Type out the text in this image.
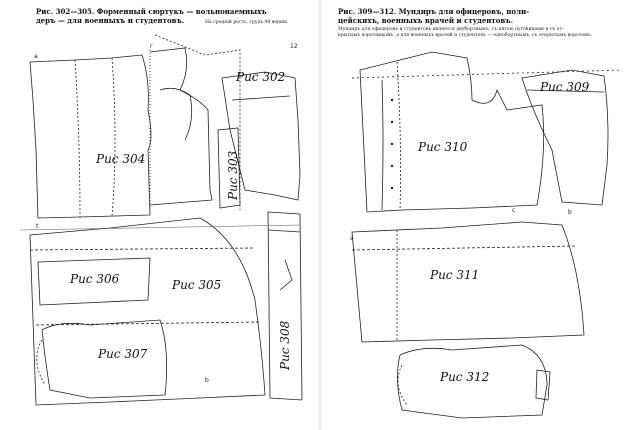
Рис. 302—305. Форменный сюртукъ — вольнонаемныхъ
деръ — для военныхъ и студентовъ.	На средній рость, грудь 48 вершк.
a
r	12
t
b
Рис 302
Рис 304	Рис 303
Рис 305
Рис 306
Рис 307	Рис 308
Рис. 309—312. Мундиръ для офицеровъ, поли-
цейскихъ, военныхъ врачей и студентовъ.
Мундиръ для офицеровъ и студентовъ является двубортнымъ, съ пятью пуговицами и съ от-
крытымъ воротникомъ, а для военныхъ врачей и студентовъ — однобортнымъ, съ открытымъ воротомъ.
a
c	b
Рис 309
Рис 310
Рис 311
Рис 312
